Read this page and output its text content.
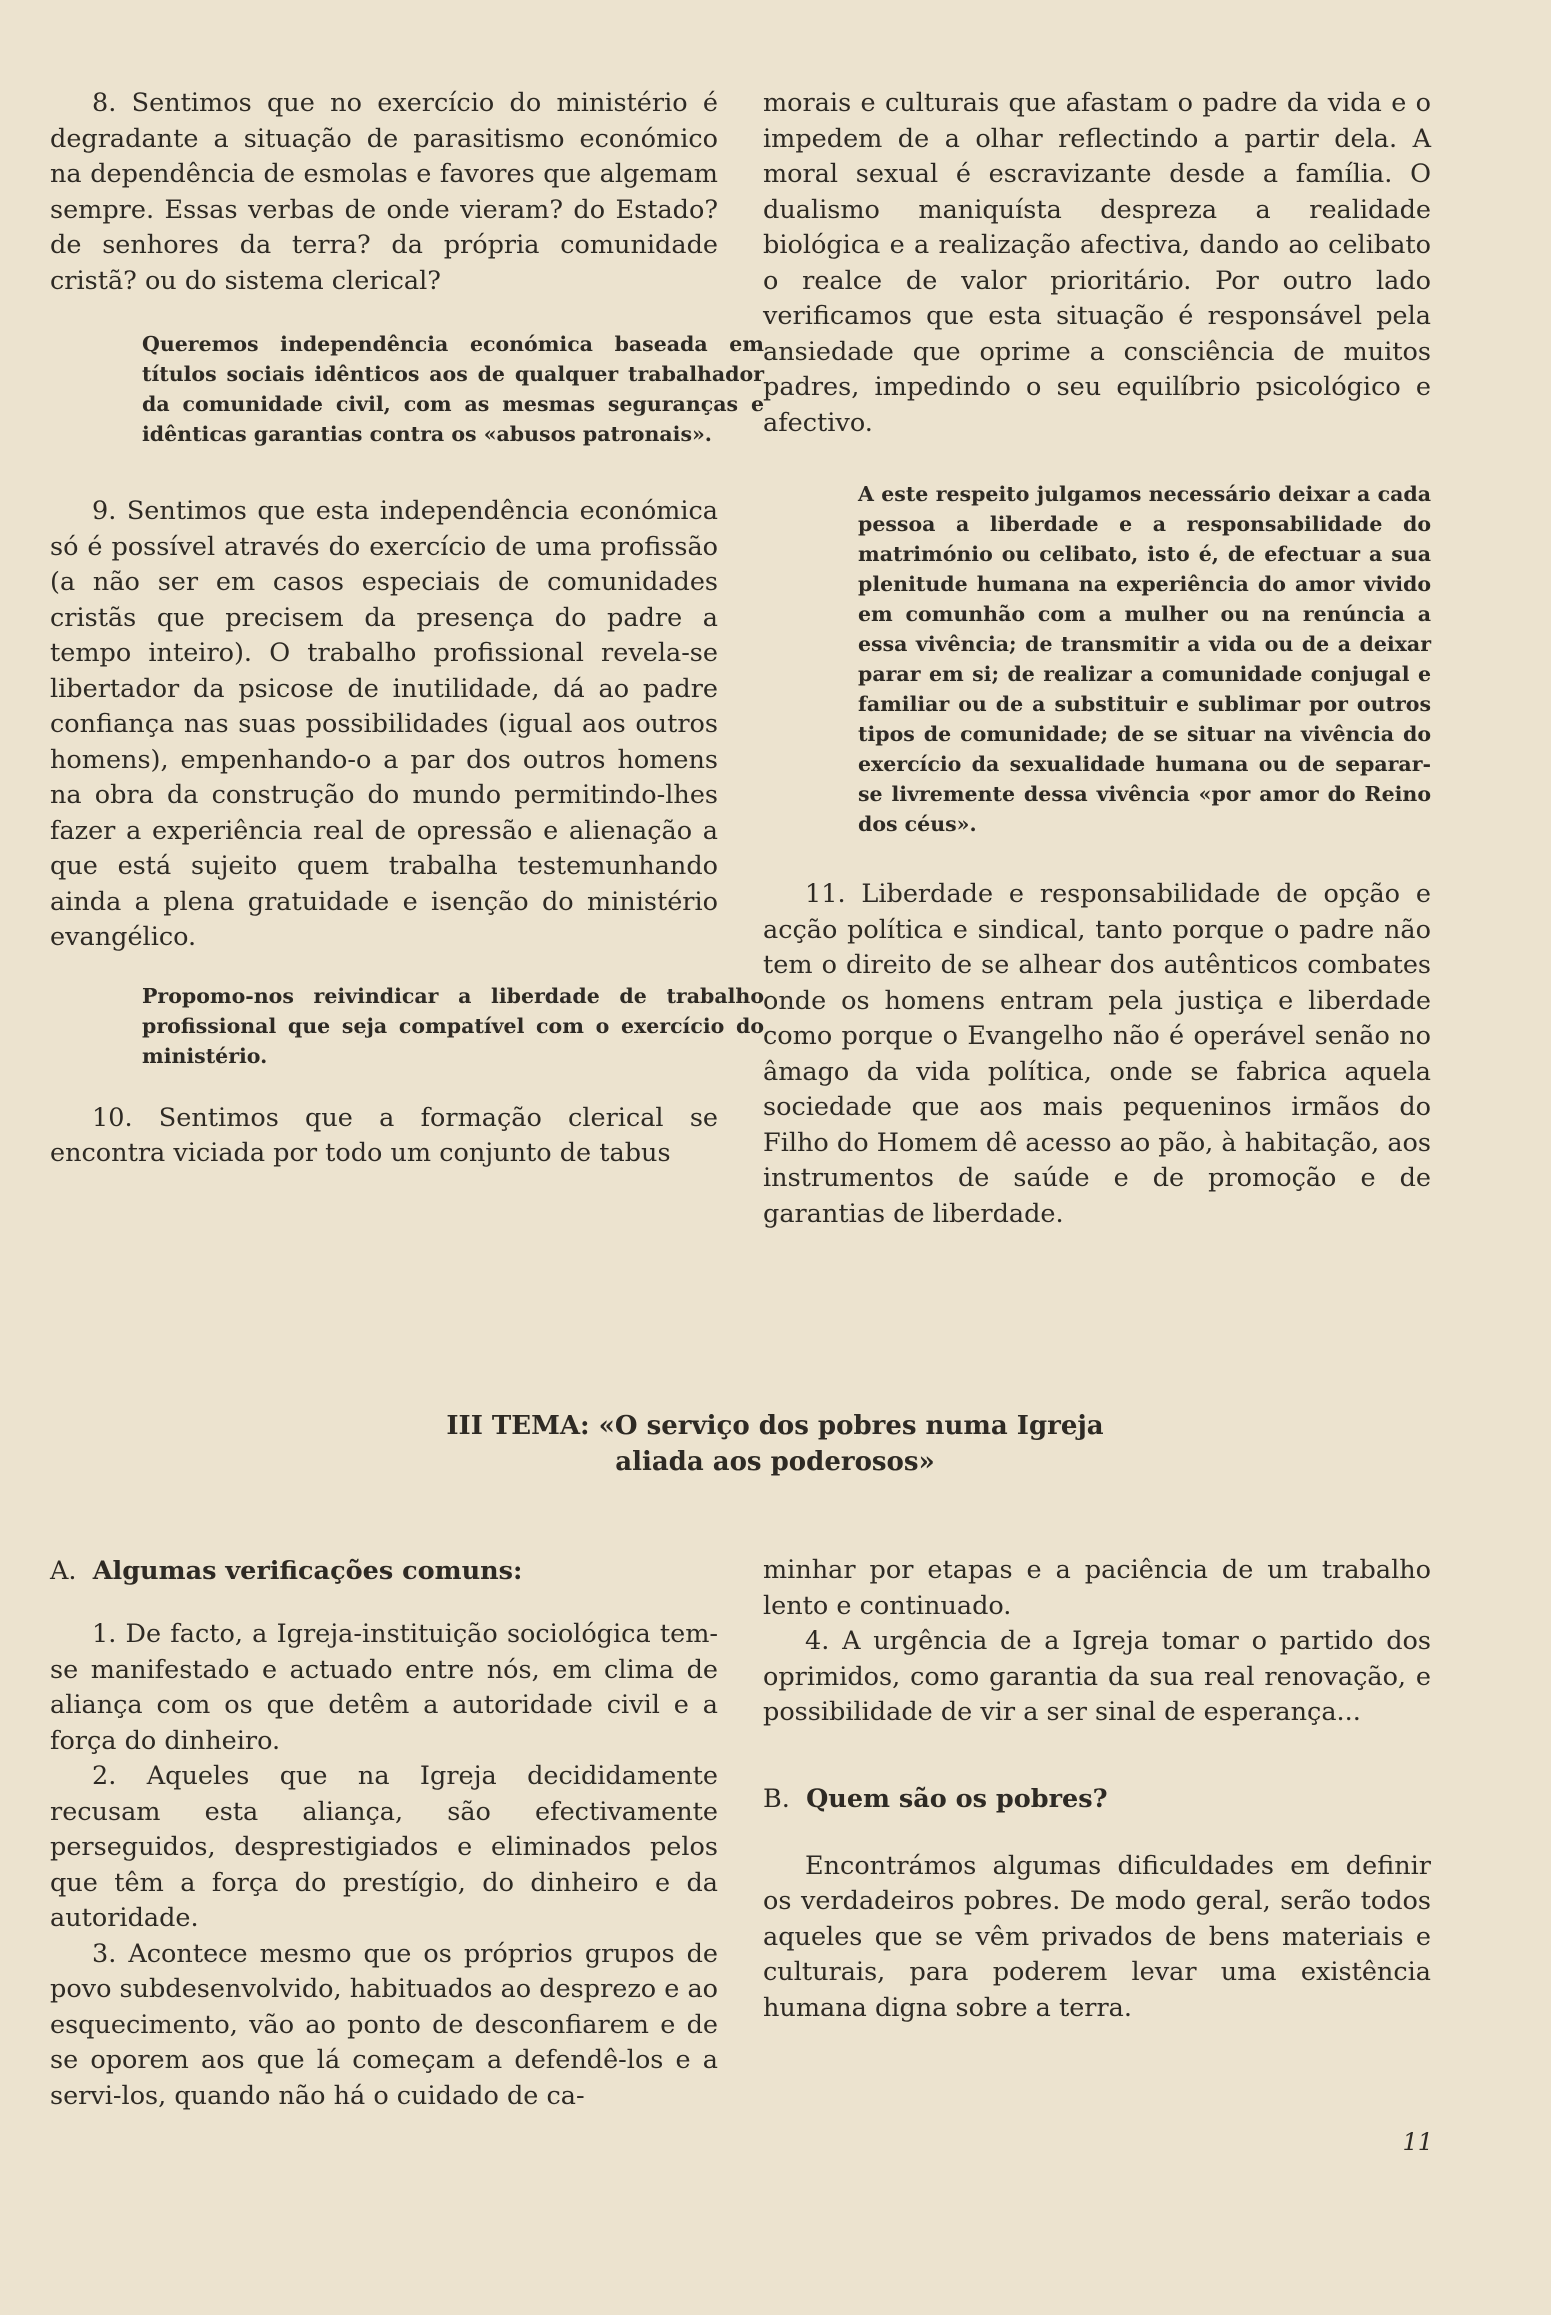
8. Sentimos que no exercício do ministério é degradante a situação de parasitismo económico na dependência de esmolas e favores que algemam sempre. Essas verbas de onde vieram? do Estado? de senhores da terra? da própria comunidade cristã? ou do sistema clerical?

Queremos independência económica baseada em títulos sociais idênticos aos de qualquer trabalhador da comunidade civil, com as mesmas seguranças e idênticas garantias contra os «abusos patronais».

9. Sentimos que esta independência económica só é possível através do exercício de uma profissão (a não ser em casos especiais de comunidades cristãs que precisem da presença do padre a tempo inteiro). O trabalho profissional revela-se libertador da psicose de inutilidade, dá ao padre confiança nas suas possibilidades (igual aos outros homens), empenhando-o a par dos outros homens na obra da construção do mundo permitindo-lhes fazer a experiência real de opressão e alienação a que está sujeito quem trabalha testemunhando ainda a plena gratuidade e isenção do ministério evangélico.

Propomo-nos reivindicar a liberdade de trabalho profissional que seja compatível com o exercício do ministério.

10. Sentimos que a formação clerical se encontra viciada por todo um conjunto de tabus

morais e culturais que afastam o padre da vida e o impedem de a olhar reflectindo a partir dela. A moral sexual é escravizante desde a família. O dualismo maniquísta despreza a realidade biológica e a realização afectiva, dando ao celibato o realce de valor prioritário. Por outro lado verificamos que esta situação é responsável pela ansiedade que oprime a consciência de muitos padres, impedindo o seu equilíbrio psicológico e afectivo.

A este respeito julgamos necessário deixar a cada pessoa a liberdade e a responsabilidade do matrimónio ou celibato, isto é, de efectuar a sua plenitude humana na experiência do amor vivido em comunhão com a mulher ou na renúncia a essa vivência; de transmitir a vida ou de a deixar parar em si; de realizar a comunidade conjugal e familiar ou de a substituir e sublimar por outros tipos de comunidade; de se situar na vivência do exercício da sexualidade humana ou de separar-se livremente dessa vivência «por amor do Reino dos céus».

11. Liberdade e responsabilidade de opção e acção política e sindical, tanto porque o padre não tem o direito de se alhear dos autênticos combates onde os homens entram pela justiça e liberdade como porque o Evangelho não é operável senão no âmago da vida política, onde se fabrica aquela sociedade que aos mais pequeninos irmãos do Filho do Homem dê acesso ao pão, à habitação, aos instrumentos de saúde e de promoção e de garantias de liberdade.

III TEMA: «O serviço dos pobres numa Igreja

aliada aos poderosos»

A. Algumas verificações comuns:

1. De facto, a Igreja-instituição sociológica tem-se manifestado e actuado entre nós, em clima de aliança com os que detêm a autoridade civil e a força do dinheiro.

2. Aqueles que na Igreja decididamente recusam esta aliança, são efectivamente perseguidos, desprestigiados e eliminados pelos que têm a força do prestígio, do dinheiro e da autoridade.

3. Acontece mesmo que os próprios grupos de povo subdesenvolvido, habituados ao desprezo e ao esquecimento, vão ao ponto de desconfiarem e de se oporem aos que lá começam a defendê-los e a servi-los, quando não há o cuidado de ca-

minhar por etapas e a paciência de um trabalho lento e continuado.

4. A urgência de a Igreja tomar o partido dos oprimidos, como garantia da sua real renovação, e possibilidade de vir a ser sinal de esperança...

B. Quem são os pobres?

Encontrámos algumas dificuldades em definir os verdadeiros pobres. De modo geral, serão todos aqueles que se vêm privados de bens materiais e culturais, para poderem levar uma existência humana digna sobre a terra.

11
